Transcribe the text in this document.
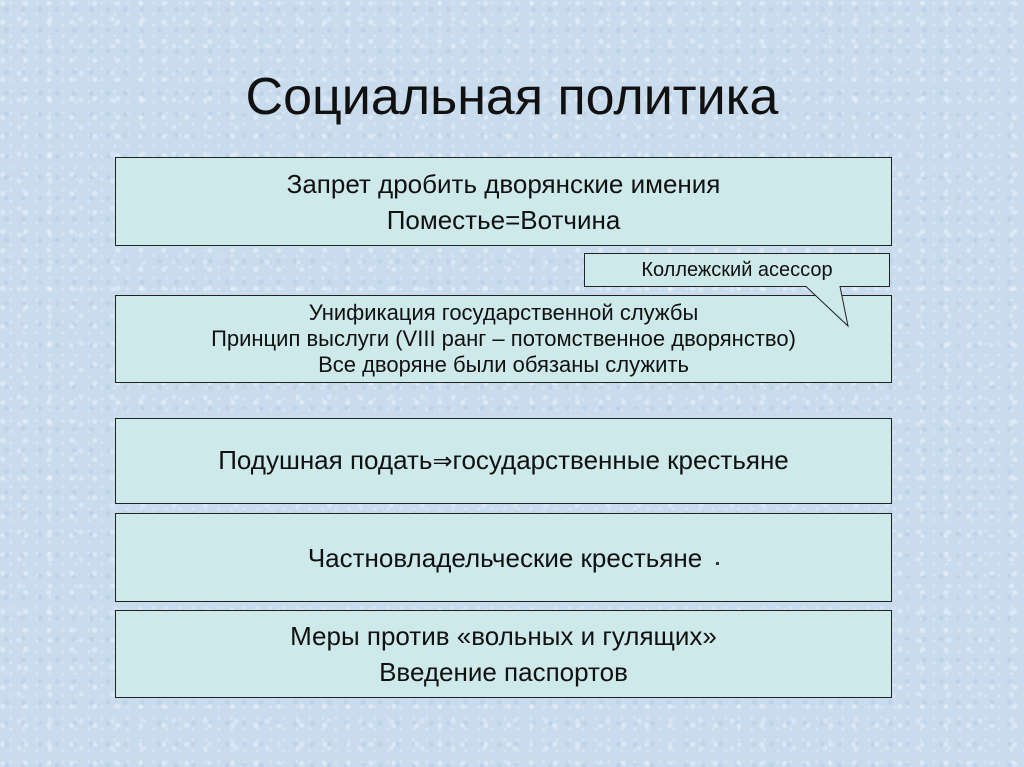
Социальная политика
Запрет дробить дворянские имения
Поместье=Вотчина
Унификация государственной службы
Принцип выслуги (VIII ранг – потомственное дворянство)
Все дворяне были обязаны служить
Коллежский асессор
Подушная подать⇒государственные крестьяне
Частновладельческие крестьяне
Меры против «вольных и гулящих»
Введение паспортов
